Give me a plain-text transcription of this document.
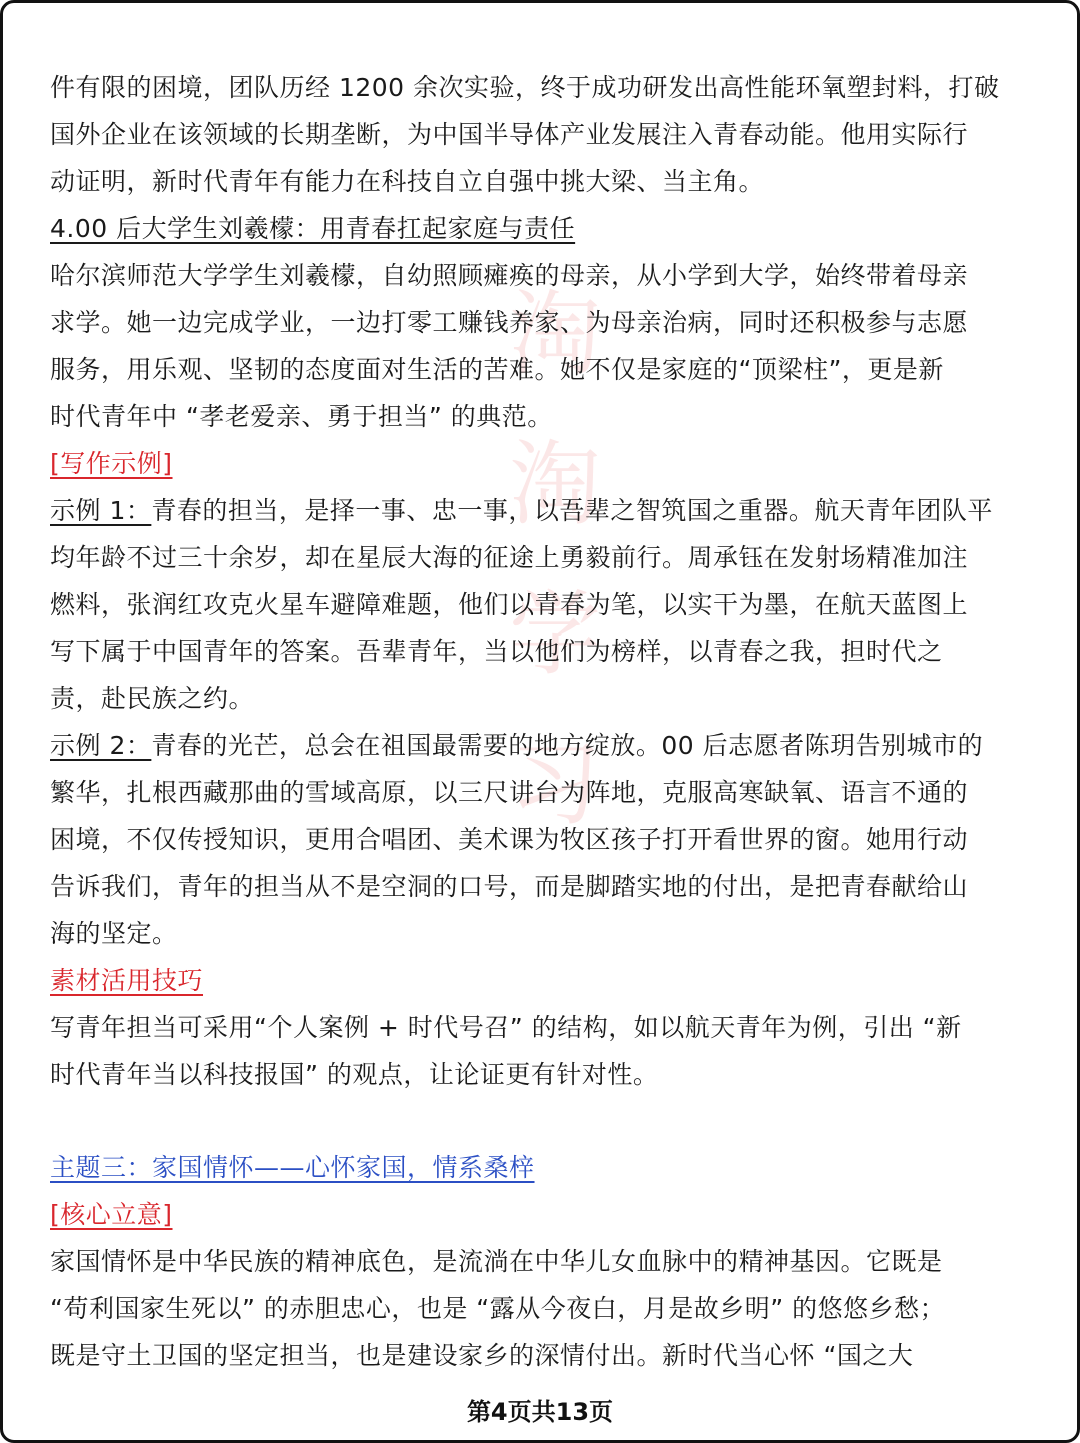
淘
淘
学
习
件有限的困境，团队历经 1200 余次实验，终于成功研发出高性能环氧塑封料，打破
国外企业在该领域的长期垄断，为中国半导体产业发展注入青春动能。他用实际行
动证明，新时代青年有能力在科技自立自强中挑大梁、当主角。
4.00 后大学生刘羲檬：用青春扛起家庭与责任
哈尔滨师范大学学生刘羲檬，自幼照顾瘫痪的母亲，从小学到大学，始终带着母亲
求学。她一边完成学业，一边打零工赚钱养家、为母亲治病，同时还积极参与志愿
服务，用乐观、坚韧的态度面对生活的苦难。她不仅是家庭的“顶梁柱”，更是新
时代青年中 “孝老爱亲、勇于担当” 的典范。
[写作示例]
示例 1：青春的担当，是择一事、忠一事，以吾辈之智筑国之重器。航天青年团队平
均年龄不过三十余岁，却在星辰大海的征途上勇毅前行。周承钰在发射场精准加注
燃料，张润红攻克火星车避障难题，他们以青春为笔，以实干为墨，在航天蓝图上
写下属于中国青年的答案。吾辈青年，当以他们为榜样，以青春之我，担时代之
责，赴民族之约。
示例 2：青春的光芒，总会在祖国最需要的地方绽放。00 后志愿者陈玥告别城市的
繁华，扎根西藏那曲的雪域高原，以三尺讲台为阵地，克服高寒缺氧、语言不通的
困境，不仅传授知识，更用合唱团、美术课为牧区孩子打开看世界的窗。她用行动
告诉我们，青年的担当从不是空洞的口号，而是脚踏实地的付出，是把青春献给山
海的坚定。
素材活用技巧
写青年担当可采用“个人案例 + 时代号召” 的结构，如以航天青年为例，引出 “新
时代青年当以科技报国” 的观点，让论证更有针对性。
主题三：家国情怀——心怀家国，情系桑梓
[核心立意]
家国情怀是中华民族的精神底色，是流淌在中华儿女血脉中的精神基因。它既是
“苟利国家生死以” 的赤胆忠心，也是 “露从今夜白，月是故乡明” 的悠悠乡愁；
既是守土卫国的坚定担当，也是建设家乡的深情付出。新时代当心怀 “国之大
第4页共13页
